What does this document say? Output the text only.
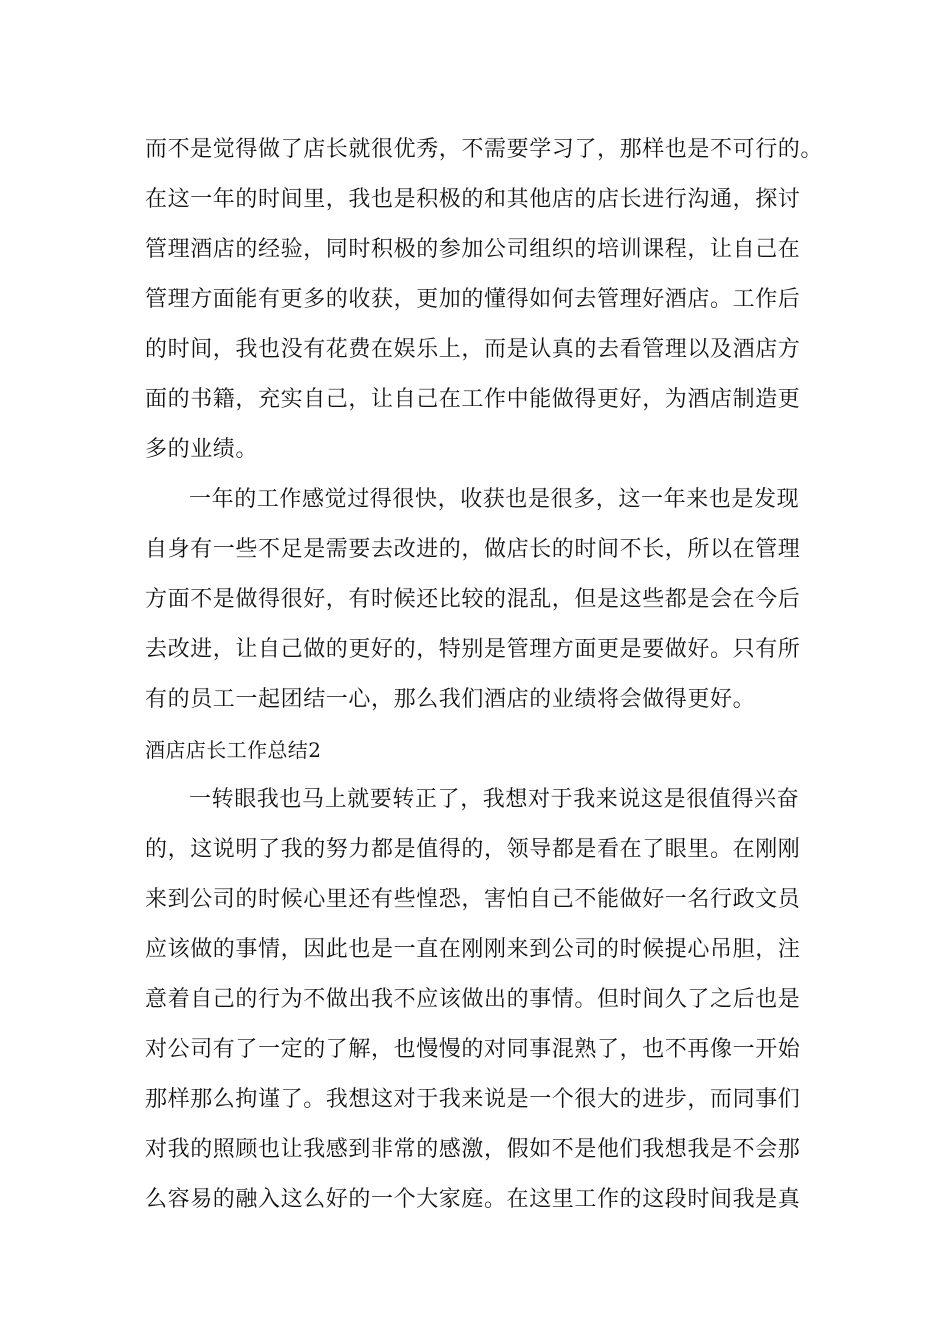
而不是觉得做了店长就很优秀，不需要学习了，那样也是不可行的。
在这一年的时间里，我也是积极的和其他店的店长进行沟通，探讨
管理酒店的经验，同时积极的参加公司组织的培训课程，让自己在
管理方面能有更多的收获，更加的懂得如何去管理好酒店。工作后
的时间，我也没有花费在娱乐上，而是认真的去看管理以及酒店方
面的书籍，充实自己，让自己在工作中能做得更好，为酒店制造更
多的业绩。
一年的工作感觉过得很快，收获也是很多，这一年来也是发现
自身有一些不足是需要去改进的，做店长的时间不长，所以在管理
方面不是做得很好，有时候还比较的混乱，但是这些都是会在今后
去改进，让自己做的更好的，特别是管理方面更是要做好。只有所
有的员工一起团结一心，那么我们酒店的业绩将会做得更好。
酒店店长工作总结2
一转眼我也马上就要转正了，我想对于我来说这是很值得兴奋
的，这说明了我的努力都是值得的，领导都是看在了眼里。在刚刚
来到公司的时候心里还有些惶恐，害怕自己不能做好一名行政文员
应该做的事情，因此也是一直在刚刚来到公司的时候提心吊胆，注
意着自己的行为不做出我不应该做出的事情。但时间久了之后也是
对公司有了一定的了解，也慢慢的对同事混熟了，也不再像一开始
那样那么拘谨了。我想这对于我来说是一个很大的进步，而同事们
对我的照顾也让我感到非常的感激，假如不是他们我想我是不会那
么容易的融入这么好的一个大家庭。在这里工作的这段时间我是真
